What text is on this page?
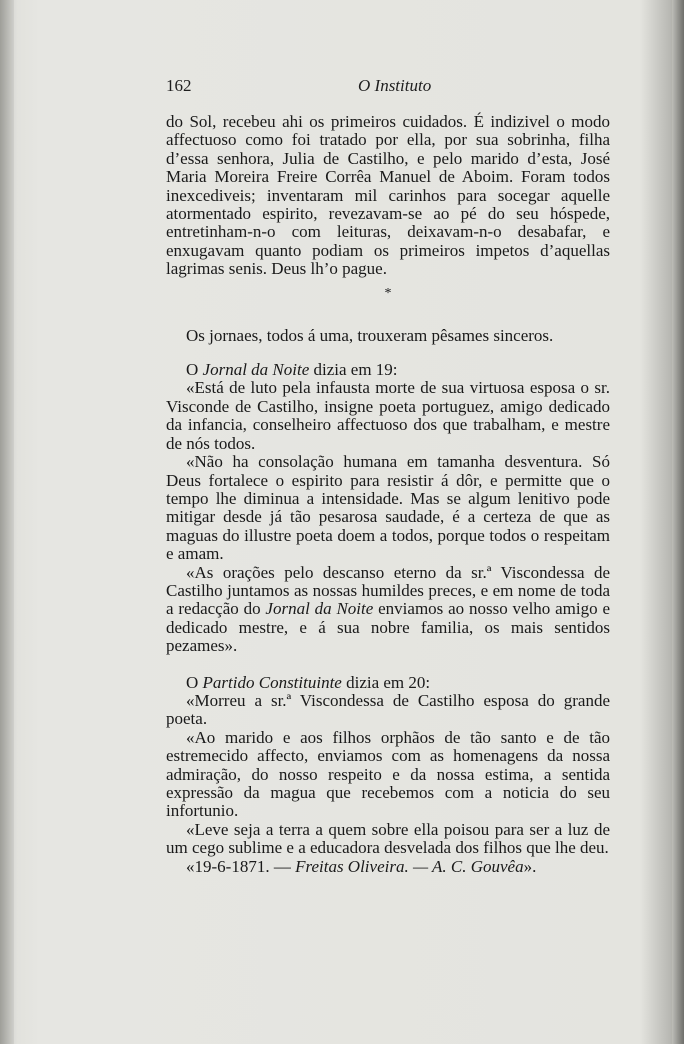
162	O Instituto

do Sol, recebeu ahi os primeiros cuidados. É indizivel o modo affectuoso como foi tratado por ella, por sua sobrinha, filha d’essa senhora, Julia de Castilho, e pelo marido d’esta, José Maria Moreira Freire Corrêa Manuel de Aboim. Foram todos inexcediveis; inventaram mil carinhos para socegar aquelle atormentado espirito, revezavam-se ao pé do seu hóspede, entretinham-n-o com leituras, deixavam-n-o desabafar, e enxugavam quanto podiam os primeiros impetos d’aquellas lagrimas senis. Deus lh’o pague.

*

Os jornaes, todos á uma, trouxeram pêsames sinceros.

O Jornal da Noite dizia em 19:

«Está de luto pela infausta morte de sua virtuosa esposa o sr. Visconde de Castilho, insigne poeta portuguez, amigo dedicado da infancia, conselheiro affectuoso dos que trabalham, e mestre de nós todos.

«Não ha consolação humana em tamanha desventura. Só Deus fortalece o espirito para resistir á dôr, e permitte que o tempo lhe diminua a intensidade. Mas se algum lenitivo pode mitigar desde já tão pesarosa saudade, é a certeza de que as maguas do illustre poeta doem a todos, porque todos o respeitam e amam.

«As orações pelo descanso eterno da sr.ª Viscondessa de Castilho juntamos as nossas humildes preces, e em nome de toda a redacção do Jornal da Noite enviamos ao nosso velho amigo e dedicado mestre, e á sua nobre familia, os mais sentidos pezames».

O Partido Constituinte dizia em 20:

«Morreu a sr.ª Viscondessa de Castilho esposa do grande poeta.

«Ao marido e aos filhos orphãos de tão santo e de tão estremecido affecto, enviamos com as homenagens da nossa admiração, do nosso respeito e da nossa estima, a sentida expressão da magua que recebemos com a noticia do seu infortunio.

«Leve seja a terra a quem sobre ella poisou para ser a luz de um cego sublime e a educadora desvelada dos filhos que lhe deu.

«19-6-1871. — Freitas Oliveira. — A. C. Gouvêa».
